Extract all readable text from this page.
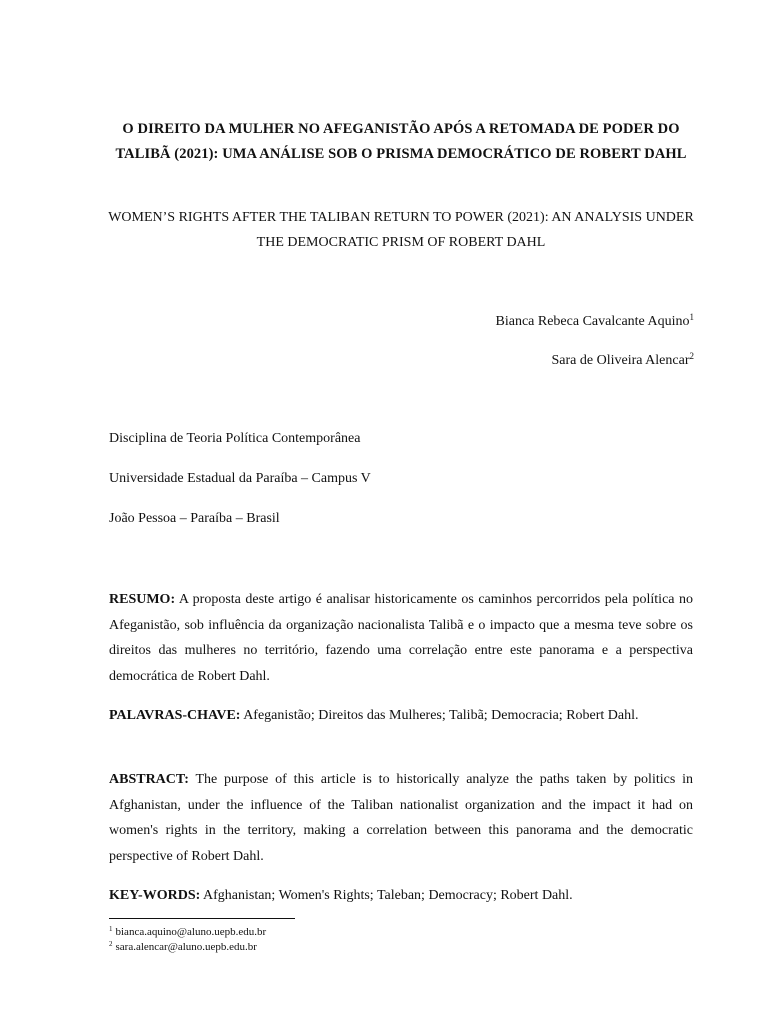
O DIREITO DA MULHER NO AFEGANISTÃO APÓS A RETOMADA DE PODER DO TALIBÃ (2021): UMA ANÁLISE SOB O PRISMA DEMOCRÁTICO DE ROBERT DAHL
WOMEN’S RIGHTS AFTER THE TALIBAN RETURN TO POWER (2021): AN ANALYSIS UNDER THE DEMOCRATIC PRISM OF ROBERT DAHL
Bianca Rebeca Cavalcante Aquino$^1$
Sara de Oliveira Alencar$^2$
Disciplina de Teoria Política Contemporânea
Universidade Estadual da Paraíba – Campus V
João Pessoa – Paraíba – Brasil
RESUMO: A proposta deste artigo é analisar historicamente os caminhos percorridos pela política no Afeganistão, sob influência da organização nacionalista Talibã e o impacto que a mesma teve sobre os direitos das mulheres no território, fazendo uma correlação entre este panorama e a perspectiva democrática de Robert Dahl.
PALAVRAS-CHAVE: Afeganistão; Direitos das Mulheres; Talibã; Democracia; Robert Dahl.
ABSTRACT: The purpose of this article is to historically analyze the paths taken by politics in Afghanistan, under the influence of the Taliban nationalist organization and the impact it had on women's rights in the territory, making a correlation between this panorama and the democratic perspective of Robert Dahl.
KEY-WORDS: Afghanistan; Women's Rights; Taleban; Democracy; Robert Dahl.
$^1$ bianca.aquino@aluno.uepb.edu.br
$^2$ sara.alencar@aluno.uepb.edu.br
